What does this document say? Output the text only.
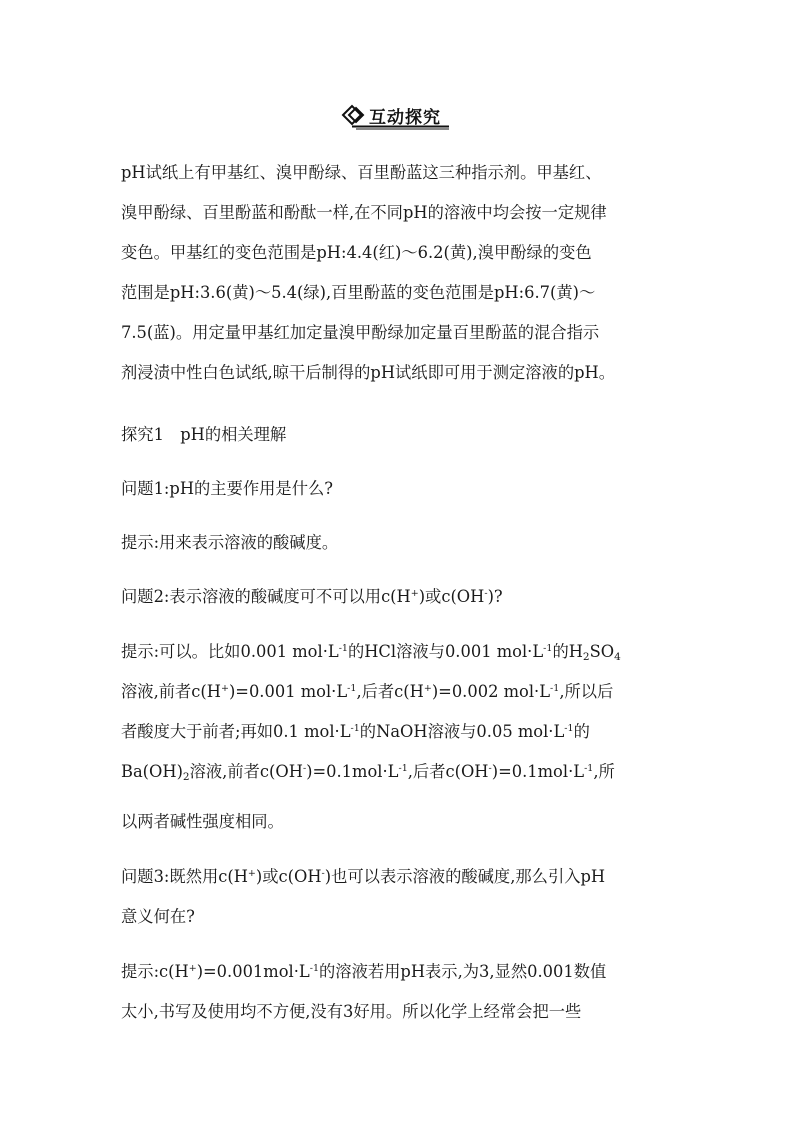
互动探究
pH试纸上有甲基红、溴甲酚绿、百里酚蓝这三种指示剂。甲基红、
溴甲酚绿、百里酚蓝和酚酞一样,在不同pH的溶液中均会按一定规律
变色。甲基红的变色范围是pH:4.4(红)～6.2(黄),溴甲酚绿的变色
范围是pH:3.6(黄)～5.4(绿),百里酚蓝的变色范围是pH:6.7(黄)～
7.5(蓝)。用定量甲基红加定量溴甲酚绿加定量百里酚蓝的混合指示
剂浸渍中性白色试纸,晾干后制得的pH试纸即可用于测定溶液的pH。
探究1　pH的相关理解
问题1:pH的主要作用是什么?
提示:用来表示溶液的酸碱度。
问题2:表示溶液的酸碱度可不可以用c(H+)或c(OH-)?
提示:可以。比如0.001 $mol\cdot L^{-1}$的HCl溶液与0.001 $mol\cdot L^{-1}$的$H_2SO_4$
溶液,前者c(H+)=0.001 $mol\cdot L^{-1}$,后者c(H+)=0.002 $mol\cdot L^{-1}$,所以后
者酸度大于前者;再如0.1 $mol\cdot L^{-1}$的NaOH溶液与0.05 $mol\cdot L^{-1}$的
$Ba(OH)_2$溶液,前者$c(OH^-)=0.1mol\cdot L^{-1}$,后者$c(OH^-)=0.1mol\cdot L^{-1}$,所
以两者碱性强度相同。
问题3:既然用c(H+)或c(OH-)也可以表示溶液的酸碱度,那么引入pH
意义何在?
提示$:c(H^+)=0.001mol\cdot L^{-1}$的溶液若用pH表示,为3,显然0.001数值
太小,书写及使用均不方便,没有3好用。所以化学上经常会把一些
